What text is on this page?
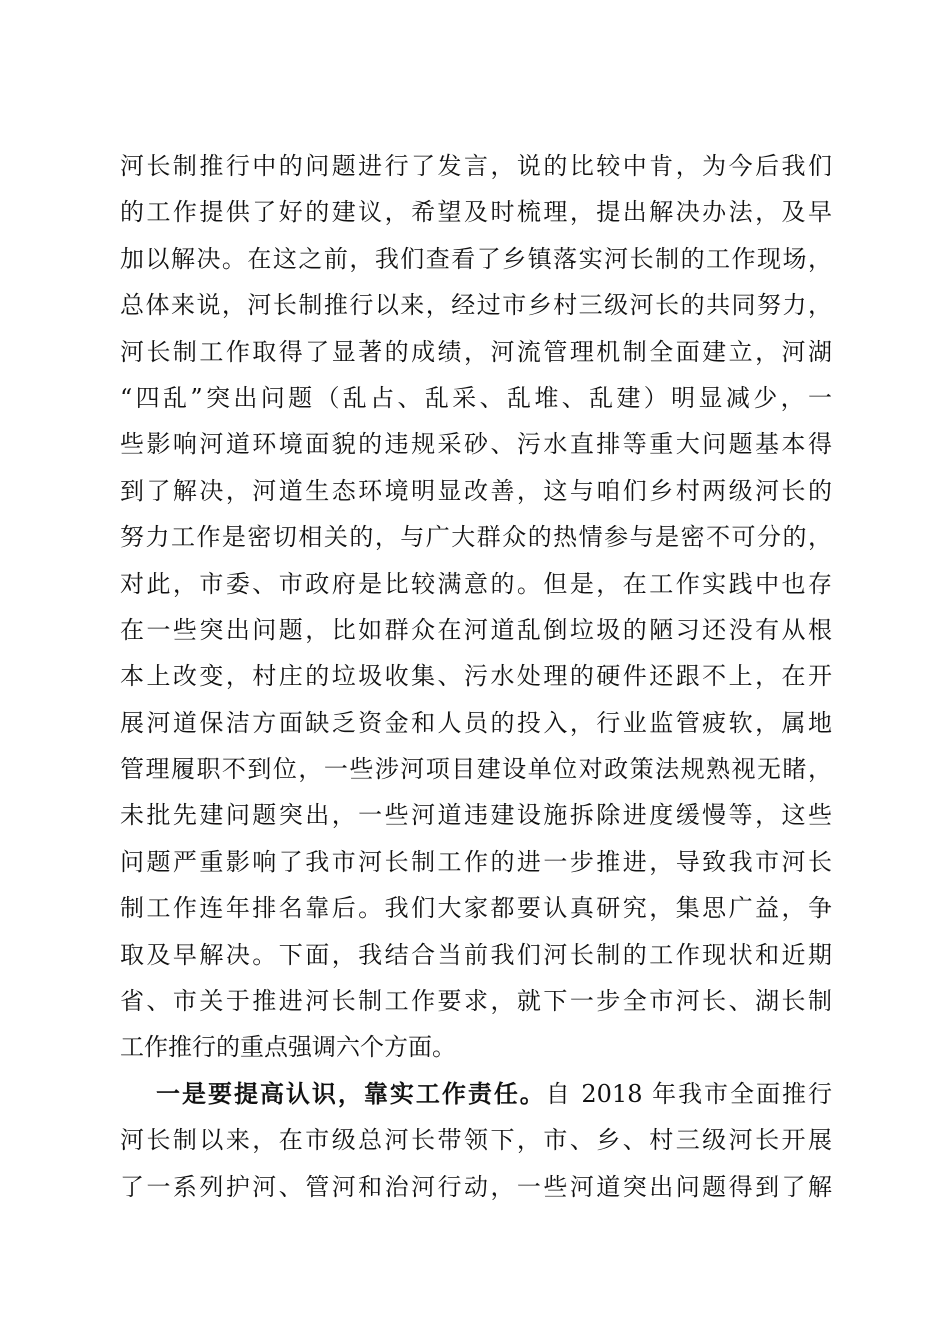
河长制推行中的问题进行了发言，说的比较中肯，为今后我们
的工作提供了好的建议，希望及时梳理，提出解决办法，及早
加以解决。在这之前，我们查看了乡镇落实河长制的工作现场，
总体来说，河长制推行以来，经过市乡村三级河长的共同努力，
河长制工作取得了显著的成绩，河流管理机制全面建立，河湖
“四乱”突出问题（乱占、乱采、乱堆、乱建）明显减少，一
些影响河道环境面貌的违规采砂、污水直排等重大问题基本得
到了解决，河道生态环境明显改善，这与咱们乡村两级河长的
努力工作是密切相关的，与广大群众的热情参与是密不可分的，
对此，市委、市政府是比较满意的。但是，在工作实践中也存
在一些突出问题，比如群众在河道乱倒垃圾的陋习还没有从根
本上改变，村庄的垃圾收集、污水处理的硬件还跟不上，在开
展河道保洁方面缺乏资金和人员的投入，行业监管疲软，属地
管理履职不到位，一些涉河项目建设单位对政策法规熟视无睹，
未批先建问题突出，一些河道违建设施拆除进度缓慢等，这些
问题严重影响了我市河长制工作的进一步推进，导致我市河长
制工作连年排名靠后。我们大家都要认真研究，集思广益，争
取及早解决。下面，我结合当前我们河长制的工作现状和近期
省、市关于推进河长制工作要求，就下一步全市河长、湖长制
工作推行的重点强调六个方面。
一是要提高认识，靠实工作责任。自 2018 年我市全面推行
河长制以来，在市级总河长带领下，市、乡、村三级河长开展
了一系列护河、管河和治河行动，一些河道突出问题得到了解
